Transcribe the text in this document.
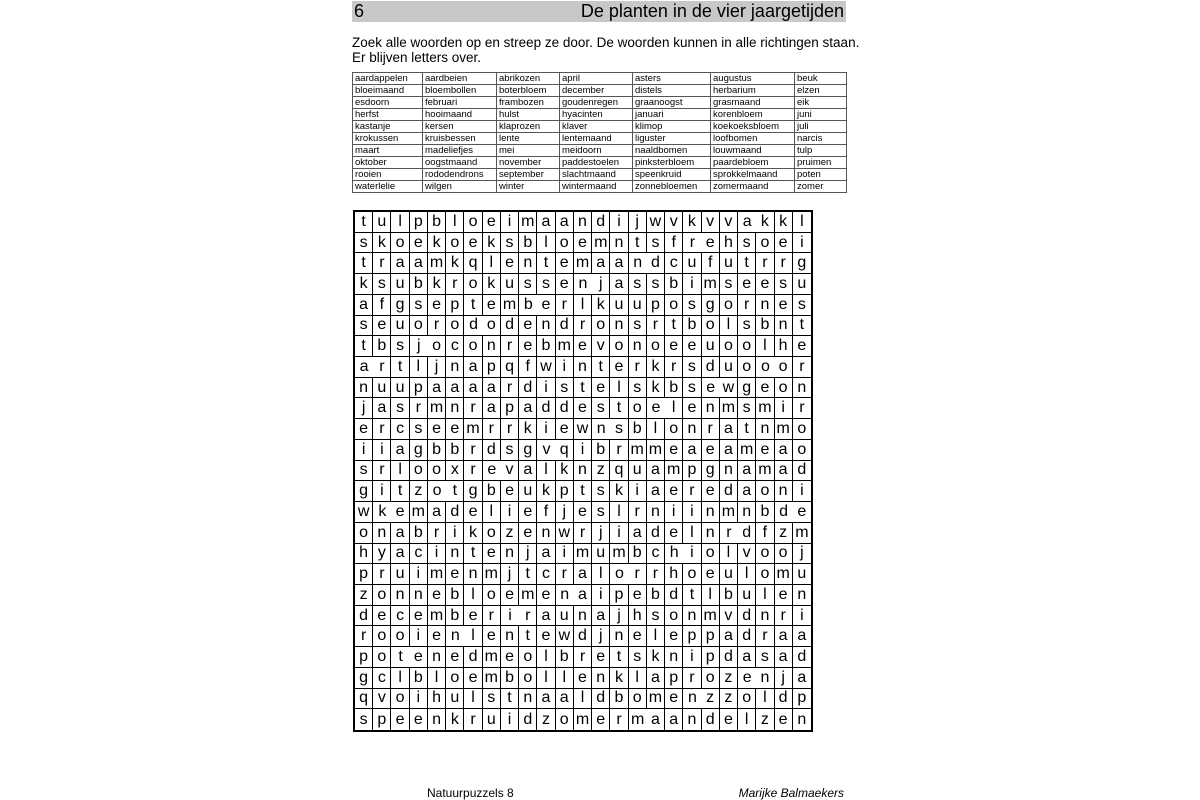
6	De planten in de vier jaargetijden
Zoek alle woorden op en streep ze door. De woorden kunnen in alle richtingen staan.
Er blijven letters over.
aardappelen	aardbeien	abrikozen	april	asters	augustus	beuk
bloeimaand	bloembollen	boterbloem	december	distels	herbarium	elzen
esdoorn	februari	frambozen	goudenregen	graanoogst	grasmaand	eik
herfst	hooimaand	hulst	hyacinten	januari	korenbloem	juni
kastanje	kersen	klaprozen	klaver	klimop	koekoeksbloem	juli
krokussen	kruisbessen	lente	lentemaand	liguster	loofbomen	narcis
maart	madeliefjes	mei	meidoorn	naaldbomen	louwmaand	tulp
oktober	oogstmaand	november	paddestoelen	pinksterbloem	paardebloem	pruimen
rooien	rododendrons	september	slachtmaand	speenkruid	sprokkelmaand	poten
waterlelie	wilgen	winter	wintermaand	zonnebloemen	zomermaand	zomer
t u l p b l o e i m a a n d i j w v k v v a k k l
s k o e k o e k s b l o e m n t s f r e h s o e i
t r a a m k q l e n t e m a a n d c u f u t r r g
k s u b k r o k u s s e n j a s s b i m s e e s u
a f g s e p t e m b e r l k u u p o s g o r n e s
s e u o r o d o d e n d r o n s r t b o l s b n t
t b s j o c o n r e b m e v o n o e e u o o l h e
a r t l j n a p q f w i n t e r k r s d u o o o r
n u u p a a a a r d i s t e l s k b s e w g e o n
j a s r m n r a p a d d e s t o e l e n m s m i r
e r c s e e m r r k i e w n s b l o n r a t n m o
i i a g b b r d s g v q i b r m m e a e a m e a o
s r l o o x r e v a l k n z q u a m p g n a m a d
g i t z o t g b e u k p t s k i a e r e d a o n i
w k e m a d e l i e f j e s l r n i i n m n b d e
o n a b r i k o z e n w r j i a d e l n r d f z m
h y a c i n t e n j a i m u m b c h i o l v o o j
p r u i m e n m j t c r a l o r r h o e u l o m u
z o n n e b l o e m e n a i p e b d t l b u l e n
d e c e m b e r i r a u n a j h s o n m v d n r i
r o o i e n l e n t e w d j n e l e p p a d r a a
p o t e n e d m e o l b r e t s k n i p d a s a d
g c l b l o e m b o l l e n k l a p r o z e n j a
q v o i h u l s t n a a l d b o m e n z z o l d p
s p e e n k r u i d z o m e r m a a n d e l z e n
Natuurpuzzels 8	Marijke Balmaekers
